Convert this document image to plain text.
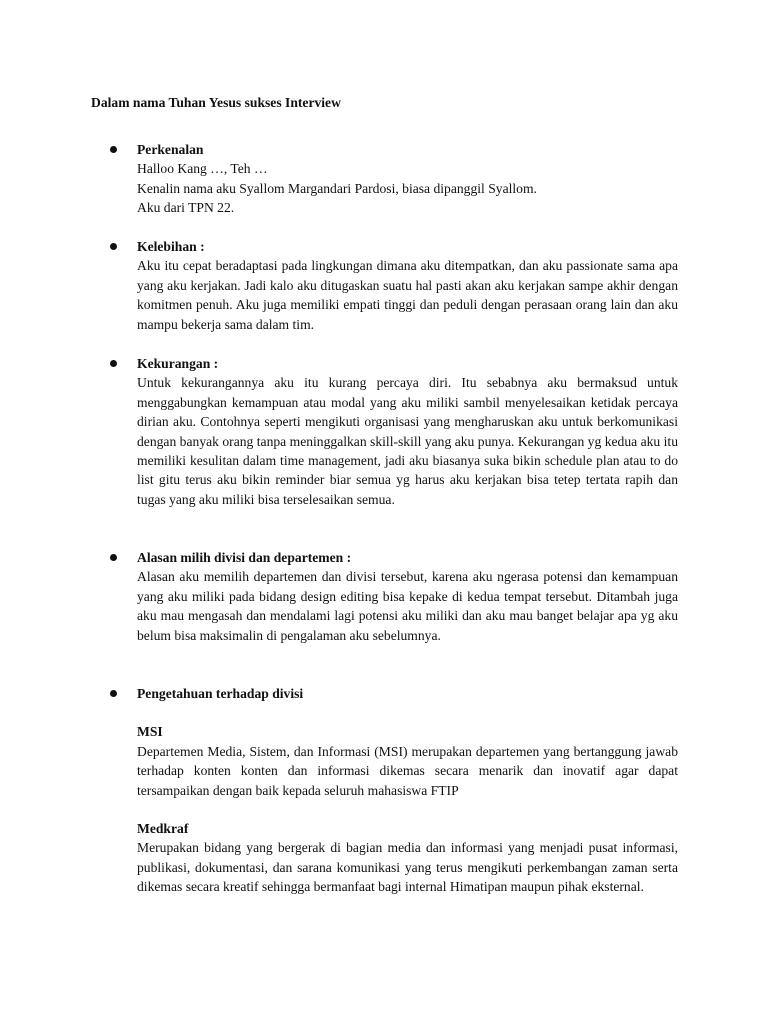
Dalam nama Tuhan Yesus sukses Interview
Perkenalan
Halloo Kang …, Teh …
Kenalin nama aku Syallom Margandari Pardosi, biasa dipanggil Syallom.
Aku dari TPN 22.
Kelebihan :

Aku itu cepat beradaptasi pada lingkungan dimana aku ditempatkan, dan aku passionate sama apa yang aku kerjakan. Jadi kalo aku ditugaskan suatu hal pasti akan aku kerjakan sampe akhir dengan komitmen penuh. Aku juga memiliki empati tinggi dan peduli dengan perasaan orang lain dan aku mampu bekerja sama dalam tim.

Kekurangan :

Untuk kekurangannya aku itu kurang percaya diri. Itu sebabnya aku bermaksud untuk menggabungkan kemampuan atau modal yang aku miliki sambil menyelesaikan ketidak percaya dirian aku. Contohnya seperti mengikuti organisasi yang mengharuskan aku untuk berkomunikasi dengan banyak orang tanpa meninggalkan skill-skill yang aku punya. Kekurangan yg kedua aku itu memiliki kesulitan dalam time management, jadi aku biasanya suka bikin schedule plan atau to do list gitu terus aku bikin reminder biar semua yg harus aku kerjakan bisa tetep tertata rapih dan tugas yang aku miliki bisa terselesaikan semua.

Alasan milih divisi dan departemen :

Alasan aku memilih departemen dan divisi tersebut, karena aku ngerasa potensi dan kemampuan yang aku miliki pada bidang design editing bisa kepake di kedua tempat tersebut. Ditambah juga aku mau mengasah dan mendalami lagi potensi aku miliki dan aku mau banget belajar apa yg aku belum bisa maksimalin di pengalaman aku sebelumnya.

Pengetahuan terhadap divisi
MSI

Departemen Media, Sistem, dan Informasi (MSI) merupakan departemen yang bertanggung jawab terhadap konten konten dan informasi dikemas secara menarik dan inovatif agar dapat tersampaikan dengan baik kepada seluruh mahasiswa FTIP

Medkraf

Merupakan bidang yang bergerak di bagian media dan informasi yang menjadi pusat informasi, publikasi, dokumentasi, dan sarana komunikasi yang terus mengikuti perkembangan zaman serta dikemas secara kreatif sehingga bermanfaat bagi internal Himatipan maupun pihak eksternal.
